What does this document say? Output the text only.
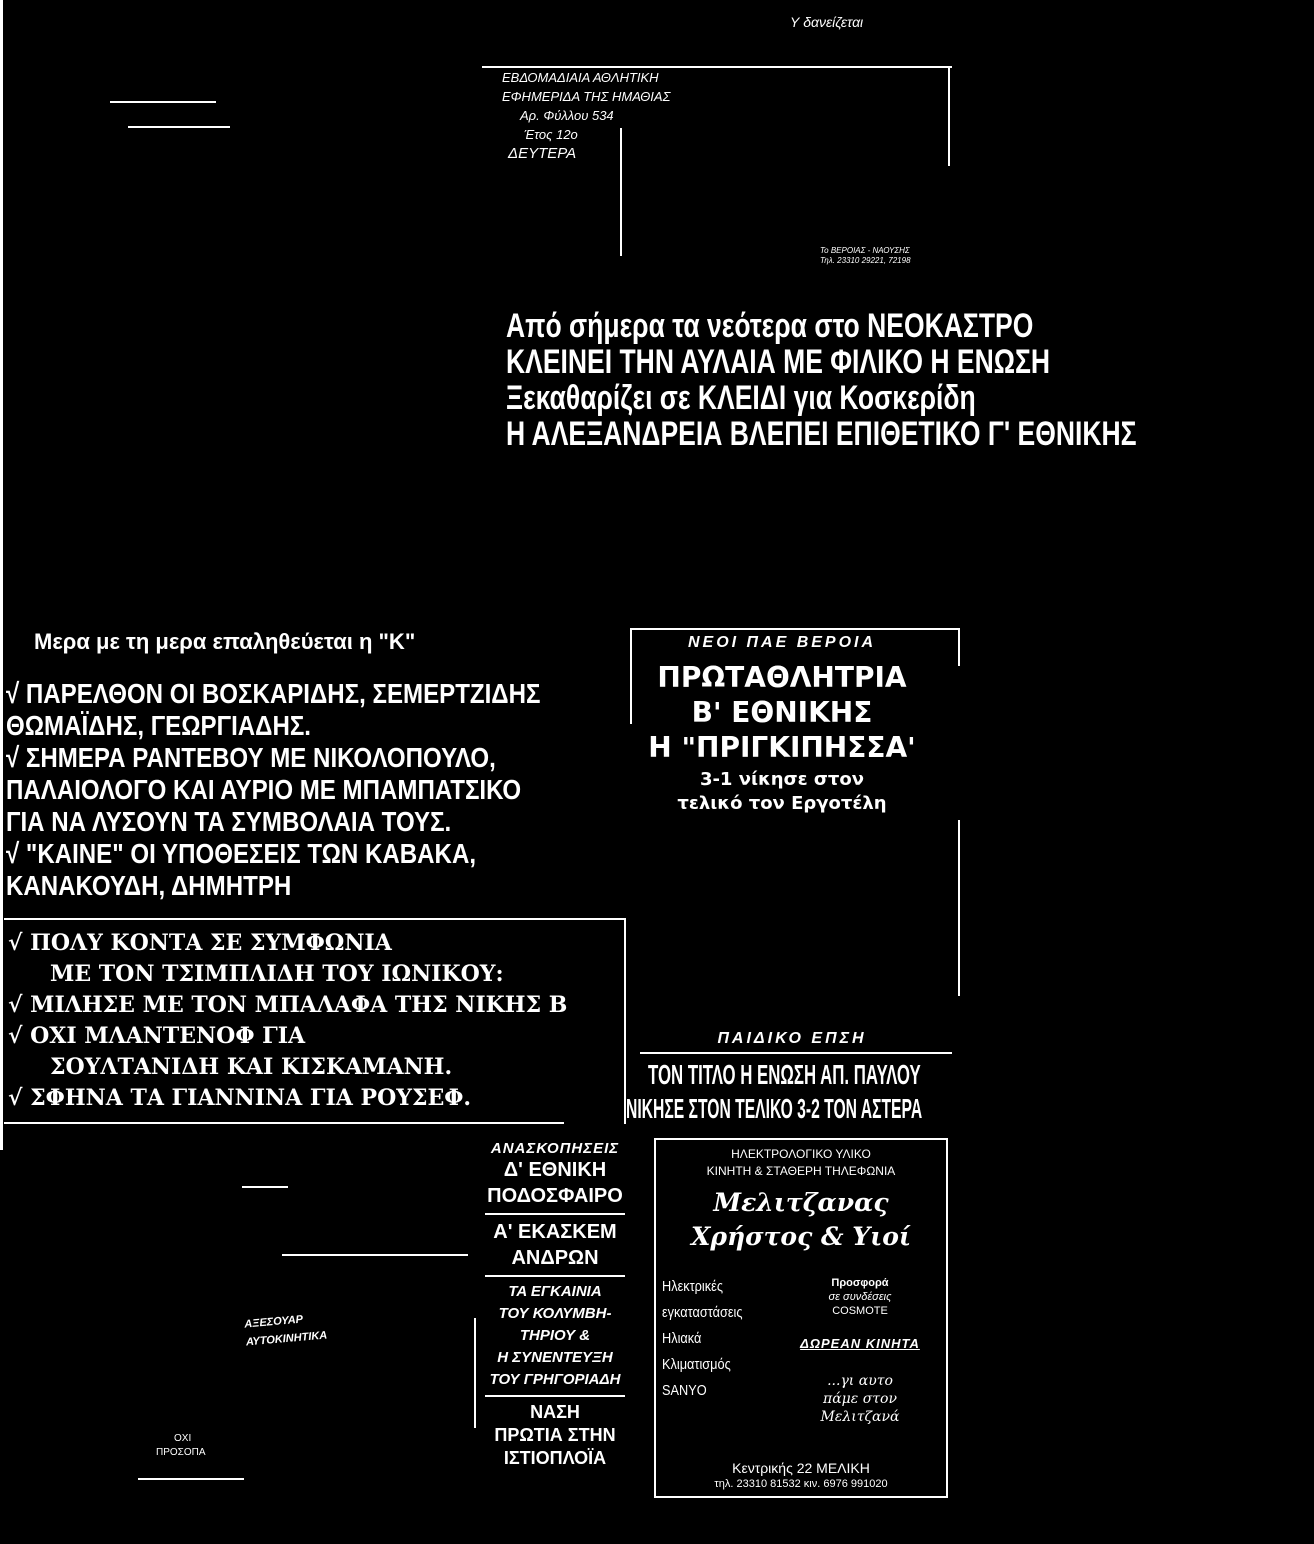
Υ δανείζεται
ΕΒΔΟΜΑΔΙΑΙΑ ΑΘΛΗΤΙΚΗ
ΕΦΗΜΕΡΙΔΑ ΤΗΣ ΗΜΑΘΙΑΣ
Αρ. Φύλλου 534
Έτος 12ο
ΔΕΥΤΕΡΑ
Το ΒΕΡΟΙΑΣ - ΝΑΟΥΣΗΣ
Τηλ. 23310 29221, 72198
Από σήμερα τα νεότερα στο ΝΕΟΚΑΣΤΡΟ
ΚΛΕΙΝΕΙ ΤΗΝ ΑΥΛΑΙΑ ΜΕ ΦΙΛΙΚΟ Η ΕΝΩΣΗ
Ξεκαθαρίζει σε ΚΛΕΙΔΙ για Κοσκερίδη
Η ΑΛΕΞΑΝΔΡΕΙΑ ΒΛΕΠΕΙ ΕΠΙΘΕΤΙΚΟ Γ' ΕΘΝΙΚΗΣ
Μερα με τη μερα επαληθεύεται η "Κ"
√ ΠΑΡΕΛΘΟΝ ΟΙ ΒΟΣΚΑΡΙΔΗΣ, ΣΕΜΕΡΤΖΙΔΗΣ
ΘΩΜΑΪΔΗΣ, ΓΕΩΡΓΙΑΔΗΣ.
√ ΣΗΜΕΡΑ ΡΑΝΤΕΒΟΥ ΜΕ ΝΙΚΟΛΟΠΟΥΛΟ,
ΠΑΛΑΙΟΛΟΓΟ ΚΑΙ ΑΥΡΙΟ ΜΕ ΜΠΑΜΠΑΤΣΙΚΟ
ΓΙΑ ΝΑ ΛΥΣΟΥΝ ΤΑ ΣΥΜΒΟΛΑΙΑ ΤΟΥΣ.
√ "ΚΑΙΝΕ" ΟΙ ΥΠΟΘΕΣΕΙΣ ΤΩΝ ΚΑΒΑΚΑ,
ΚΑΝΑΚΟΥΔΗ, ΔΗΜΗΤΡΗ
√ ΠΟΛΥ ΚΟΝΤΑ ΣΕ ΣΥΜΦΩΝΙΑ
ΜΕ ΤΟΝ ΤΣΙΜΠΛΙΔΗ ΤΟΥ ΙΩΝΙΚΟΥ:
√ ΜΙΛΗΣΕ ΜΕ ΤΟΝ ΜΠΑΛΑΦΑ ΤΗΣ ΝΙΚΗΣ Β
√ ΟΧΙ ΜΛΑΝΤΕΝΟΦ ΓΙΑ
ΣΟΥΛΤΑΝΙΔΗ ΚΑΙ ΚΙΣΚΑΜΑΝΗ.
√ ΣΦΗΝΑ ΤΑ ΓΙΑΝΝΙΝΑ ΓΙΑ ΡΟΥΣΕΦ.
ΝΕΟΙ ΠΑΕ ΒΕΡΟΙΑ
ΠΡΩΤΑΘΛΗΤΡΙΑ
Β' ΕΘΝΙΚΗΣ
Η "ΠΡΙΓΚΙΠΗΣΣΑ'
3-1 νίκησε στον
τελικό τον Εργοτέλη
ΠΑΙΔΙΚΟ ΕΠΣΗ
ΤΟΝ ΤΙΤΛΟ Η ΕΝΩΣΗ ΑΠ. ΠΑΥΛΟΥ
ΝΙΚΗΣΕ ΣΤΟΝ ΤΕΛΙΚΟ 3-2 ΤΟΝ ΑΣΤΕΡΑ
ΑΝΑΣΚΟΠΗΣΕΙΣ
Δ' ΕΘΝΙΚΗ
ΠΟΔΟΣΦΑΙΡΟ
Α' ΕΚΑΣΚΕΜ
ΑΝΔΡΩΝ
ΤΑ ΕΓΚΑΙΝΙΑ
ΤΟΥ ΚΟΛΥΜΒΗ-
ΤΗΡΙΟΥ &
Η ΣΥΝΕΝΤΕΥΞΗ
ΤΟΥ ΓΡΗΓΟΡΙΑΔΗ
ΝΑΣΗ
ΠΡΩΤΙΑ ΣΤΗΝ
ΙΣΤΙΟΠΛΟΪΑ
ΑΞΕΣΟΥΑΡ
ΑΥΤΟΚΙΝΗΤΙΚΑ
ΟΧΙ
ΠΡΟΣΟΠΑ
ΗΛΕΚΤΡΟΛΟΓΙΚΟ ΥΛΙΚΟ
ΚΙΝΗΤΗ & ΣΤΑΘΕΡΗ ΤΗΛΕΦΩΝΙΑ
Μελιτζανας
Χρήστος & Υιοί
Ηλεκτρικές
εγκαταστάσεις
Ηλιακά
Κλιματισμός
SANYO
Προσφορά
σε συνδέσεις
COSMOTE
ΔΩΡΕΑΝ ΚΙΝΗΤΑ
...γι αυτο
πάμε στον
Μελιτζανά
Κεντρικής 22 ΜΕΛΙΚΗ
τηλ. 23310 81532 κιν. 6976 991020
